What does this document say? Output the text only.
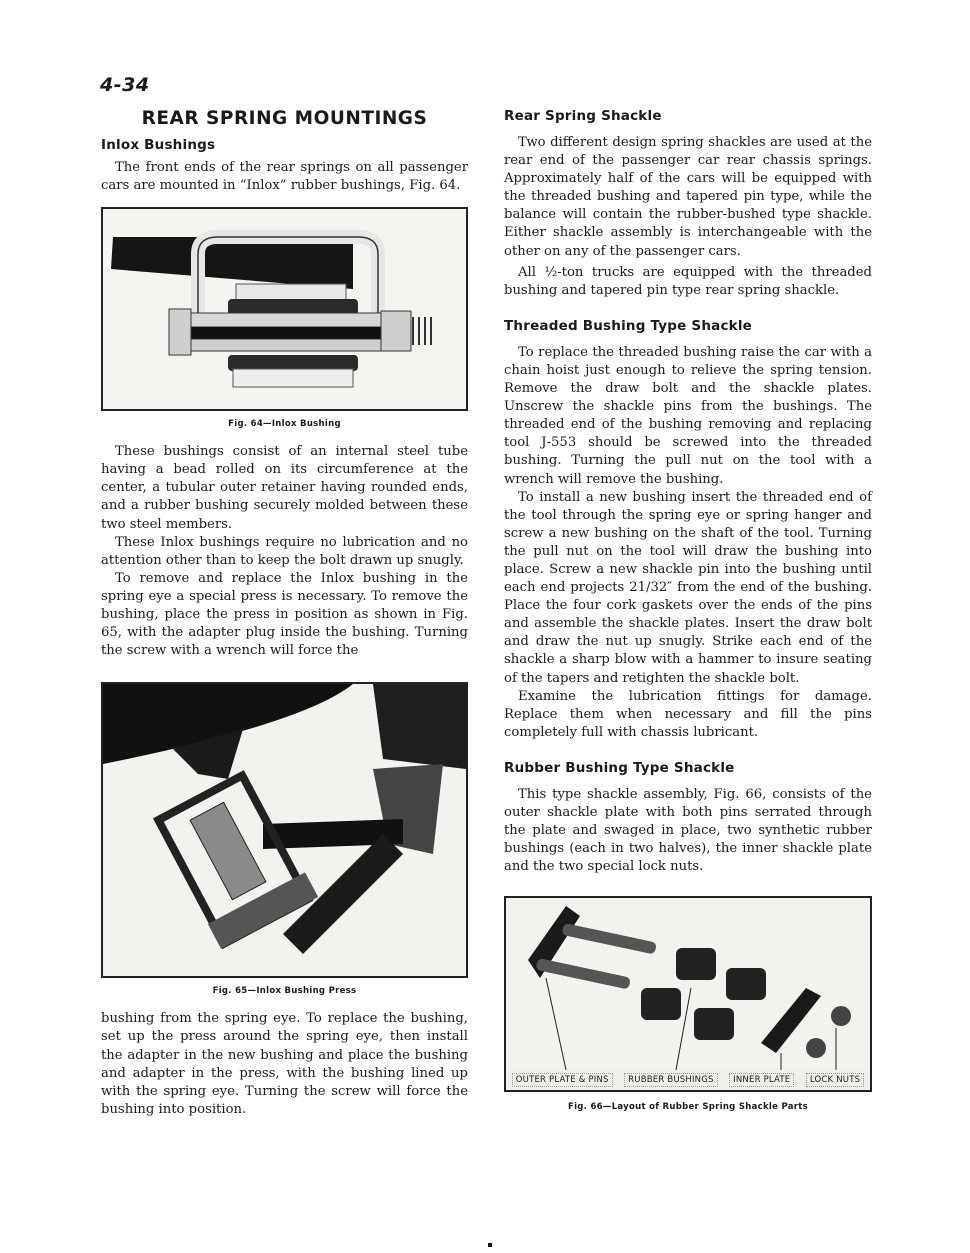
4-34
REAR SPRING MOUNTINGS
Inlox Bushings

The front ends of the rear springs on all passenger cars are mounted in “Inlox” rubber bushings, Fig. 64.

Fig. 64—Inlox Bushing

These bushings consist of an internal steel tube having a bead rolled on its circumference at the center, a tubular outer retainer having rounded ends, and a rubber bushing securely molded between these two steel members.

These Inlox bushings require no lubrication and no attention other than to keep the bolt drawn up snugly.

To remove and replace the Inlox bushing in the spring eye a special press is necessary. To remove the bushing, place the press in position as shown in Fig. 65, with the adapter plug inside the bushing. Turning the screw with a wrench will force the

Fig. 65—Inlox Bushing Press

bushing from the spring eye. To replace the bushing, set up the press around the spring eye, then install the adapter in the new bushing and place the bushing and adapter in the press, with the bushing lined up with the spring eye. Turning the screw will force the bushing into position.

Rear Spring Shackle

Two different design spring shackles are used at the rear end of the passenger car rear chassis springs. Approximately half of the cars will be equipped with the threaded bushing and tapered pin type, while the balance will contain the rubber-bushed type shackle. Either shackle assembly is interchangeable with the other on any of the passenger cars.

All ½-ton trucks are equipped with the threaded bushing and tapered pin type rear spring shackle.

Threaded Bushing Type Shackle

To replace the threaded bushing raise the car with a chain hoist just enough to relieve the spring tension. Remove the draw bolt and the shackle plates. Unscrew the shackle pins from the bushings. The threaded end of the bushing removing and replacing tool J-553 should be screwed into the threaded bushing. Turning the pull nut on the tool with a wrench will remove the bushing.

To install a new bushing insert the threaded end of the tool through the spring eye or spring hanger and screw a new bushing on the shaft of the tool. Turning the pull nut on the tool will draw the bushing into place. Screw a new shackle pin into the bushing until each end projects 21/32″ from the end of the bushing. Place the four cork gaskets over the ends of the pins and assemble the shackle plates. Insert the draw bolt and draw the nut up snugly. Strike each end of the shackle a sharp blow with a hammer to insure seating of the tapers and retighten the shackle bolt.

Examine the lubrication fittings for damage. Replace them when necessary and fill the pins completely full with chassis lubricant.

Rubber Bushing Type Shackle

This type shackle assembly, Fig. 66, consists of the outer shackle plate with both pins serrated through the plate and swaged in place, two synthetic rubber bushings (each in two halves), the inner shackle plate and the two special lock nuts.

OUTER PLATE & PINS	RUBBER BUSHINGS	INNER PLATE	LOCK NUTS
Fig. 66—Layout of Rubber Spring Shackle Parts
